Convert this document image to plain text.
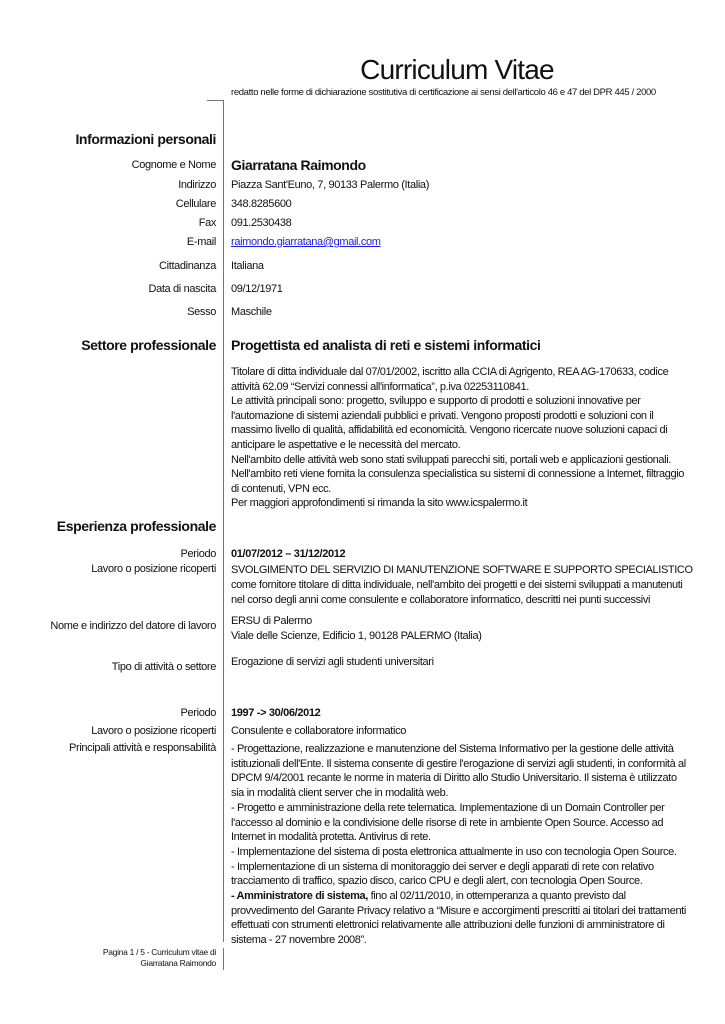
Curriculum Vitae
redatto nelle forme di dichiarazione sostitutiva di certificazione ai sensi dell'articolo 46 e 47 del DPR 445 / 2000
Informazioni personali
Cognome e Nome Giarratana Raimondo
Indirizzo Piazza Sant'Euno, 7, 90133 Palermo (Italia)
Cellulare 348.8285600
Fax 091.2530438
E-mail raimondo.giarratana@gmail.com
Cittadinanza Italiana
Data di nascita 09/12/1971
Sesso Maschile
Settore professionale Progettista ed analista di reti e sistemi informatici
Titolare di ditta individuale dal 07/01/2002, iscritto alla CCIA di Agrigento, REA AG-170633, codice
attività 62.09 “Servizi connessi all'informatica”, p.iva 02253110841.
Le attività principali sono: progetto, sviluppo e supporto di prodotti e soluzioni innovative per
l'automazione di sistemi aziendali pubblici e privati. Vengono proposti prodotti e soluzioni con il
massimo livello di qualità, affidabilità ed economicità. Vengono ricercate nuove soluzioni capaci di
anticipare le aspettative e le necessità del mercato.
Nell'ambito delle attività web sono stati sviluppati parecchi siti, portali web e applicazioni gestionali.
Nell'ambito reti viene fornita la consulenza specialistica su sistemi di connessione a Internet, filtraggio
di contenuti, VPN ecc.
Per maggiori approfondimenti si rimanda la sito www.icspalermo.it
Esperienza professionale
Periodo 01/07/2012 – 31/12/2012
Lavoro o posizione ricoperti SVOLGIMENTO DEL SERVIZIO DI MANUTENZIONE SOFTWARE E SUPPORTO SPECIALISTICO
come fornitore titolare di ditta individuale, nell'ambito dei progetti e dei sistemi sviluppati a manutenuti
nel corso degli anni come consulente e collaboratore informatico, descritti nei punti successivi
Nome e indirizzo del datore di lavoro ERSU di Palermo
Viale delle Scienze, Edificio 1, 90128 PALERMO (Italia)
Tipo di attività o settore Erogazione di servizi agli studenti universitari
Periodo 1997 -> 30/06/2012
Lavoro o posizione ricoperti Consulente e collaboratore informatico
Principali attività e responsabilità - Progettazione, realizzazione e manutenzione del Sistema Informativo per la gestione delle attività
istituzionali dell'Ente. Il sistema consente di gestire l'erogazione di servizi agli studenti, in conformità al
DPCM 9/4/2001 recante le norme in materia di Diritto allo Studio Universitario. Il sistema è utilizzato
sia in modalità client server che in modalità web.
- Progetto e amministrazione della rete telematica. Implementazione di un Domain Controller per
l'accesso al dominio e la condivisione delle risorse di rete in ambiente Open Source. Accesso ad
Internet in modalità protetta. Antivirus di rete.
- Implementazione del sistema di posta elettronica attualmente in uso con tecnologia Open Source.
- Implementazione di un sistema di monitoraggio dei server e degli apparati di rete con relativo
tracciamento di traffico, spazio disco, carico CPU e degli alert, con tecnologia Open Source.
- Amministratore di sistema, fino al 02/11/2010, in ottemperanza a quanto previsto dal
provvedimento del Garante Privacy relativo a “Misure e accorgimenti prescritti ai titolari dei trattamenti
effettuati con strumenti elettronici relativamente alle attribuzioni delle funzioni di amministratore di
sistema - 27 novembre 2008”.
Pagina 1 / 5 - Curriculum vitae di
Giarratana Raimondo
